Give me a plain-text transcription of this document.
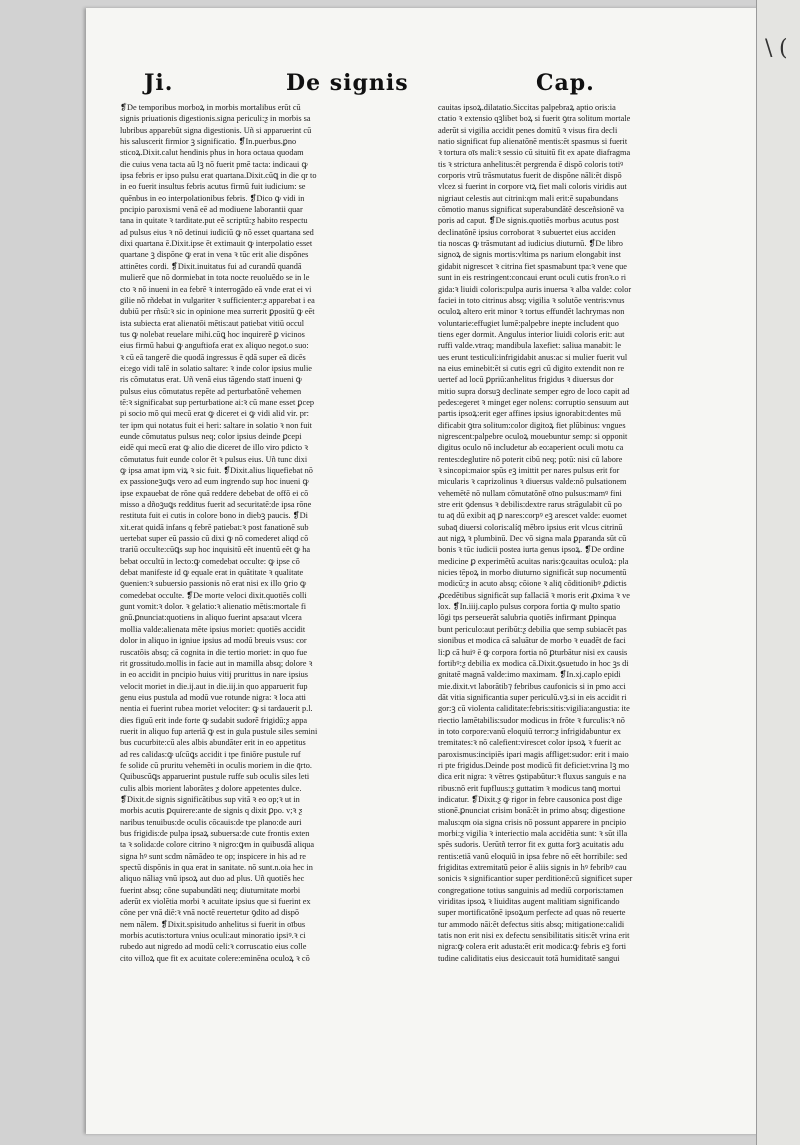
Ji.	De signis	Cap.
❡De temporibus morboꝝ in morbis mortalibus erūt cū
signis priuationis digestionis.signa periculi:ƺ in morbis sa
lubribus apparebūt signa digestionis. Uñ si apparuerint cū
his saluscerit firmior ꝫ significatio. ❡In.puerbus.ꝑno
sticoꝝ.Dixit.calut hendinis phus in hora octaua quodam
die cuius vena tacta aū lꝫ nō fuerit pmē tacta: indicaui ꝙ
ipsa febris er ipso pulsu erat quartana.Dixit.cūꝗ in die qr to
in eo fuerit insultus febris acutus firmū fuit iudicium: se
quēnbus in eo interpolationibus febris. ❡Dico ꝙ vidi in
pncipio paroxismi venā eē ad modiuene laborantii quar
tana in quitate ꝛ tarditate.put eē scriptū:ƺ habito respectu
ad pulsus eius ꝛ nō detinui iudiciū ꝙ nō esset quartana sed
dixi quartana ē.Dixit.ipse ēt extimauit ꝙ interpolatio esset
quartane ꝫ dispōne ꝙ erat in vena ꝛ tūc erit alie dispōnes
attinētes cordi. ❡Dixit.inuitatus fui ad curandū quandā
mulierē que nō dormiebat in tota nocte reuoluēdo se in le
cto ꝛ nō inueni in ea febrē ꝛ interrogādo eā vnde erat ei vi
gilie nō rñdebat in vulgariter ꝛ sufficienter:ƺ apparebat i ea
dubiū per rñsū:ꝛ sic in opinione mea surrerit ꝑpositū ꝙ eēt
ista subiecta erat alienatōi mētis:aut patiebat vitiū occul
tus ꝙ nolebat reuelare mihi.cūꝗ hoc inquirerē ꝑ vicinos
eius firmū habui ꝙ anguftiofa erat ex aliquo negot.o suo:
ꝛ cū eā tangerē die quodā ingressus ē qdā super eā dicēs
ei:ego vidi talē in solatio saltare: ꝛ inde color ipsius mulie
ris cōmutatus erat. Uñ venā eius tāgendo statī inueni ꝙ
pulsus eius cōmutatus repēte ad perturbatōnē vehemen
tē:ꝛ significabat sup perturbatione ai:ꝛ cū mane esset ꝑcep
pi socio mō qui mecū erat ꝙ diceret ei ꝙ vidi alid vir. pr:
ter ipm qui notatus fuit ei heri: saltare in solatio ꝛ non fuit
eunde cōmutatus pulsus neq; color ipsius deinde ꝑcepi
eidē qui mecū erat ꝙ alio die diceret de illo viro pdicto ꝛ
cōmutatus fuit eunde color ēt ꝛ pulsus eius. Uñ tunc dixi
ꝙ ipsa amat ipm viꝝ ꝛ sic fuit. ❡Dixit.alius liquefiebat nō
ex passioneꝫuꝗs vero ad eum ingrendo sup hoc inueni ꝙ
ipse expauebat de rōne quā reddere debebat de offō ei cō
misso a dñoꝫuꝗs redditus fuerit ad securitatē:de ipsa rōne
restituta fuit ei cutis in colore bono in diebꝫ paucis. ❡Di
xit.erat quidā infans q febrē patiebat:ꝛ post fanationē sub
uertebat super eū passio cū dixi ꝙ nō comederet aliqd cō
trariū occulte:cūꝗs sup hoc inquisitū eēt inuentū eēt ꝙ ha
bebat occultū in lecto:ꝙ comedebat occulte: ꝙ ipse cō
debat manifeste id ꝙ equale erat in quātitate ꝛ qualitate
ꝯuenien:ꝛ subuersio passionis nō erat nisi ex illo ꝯrio ꝙ
comedebat occulte. ❡De morte veloci dixit.quotiēs colli
gunt vomit:ꝛ dolor. ꝛ gelatio:ꝛ alienatio mētis:mortale fi
gnū.ꝑnunciat:quotiens in aliquo fuerint apsa:aut vlcera
mollia valde:alienata mēte ipsius moriet: quotiēs accidit
dolor in aliquo in igniue ipsius ad modū breuis vsus: cor
ruscatōis absq; cā cognita in die tertio moriet: in quo fue
rit grossitudo.mollis in facie aut in mamilla absq; dolore ꝛ
in eo accidit in pncipio huius vitij prurittus in nare ipsius
velocit moriet in die.ij.aut in die.iij.in quo apparuerit fup
genu eius pustula ad modū vue rotunde nigra: ꝛ loca atti
nentia ei fuerint rubea moriet velociter: ꝙ si tardauerit p.l.
dies figuū erit inde forte ꝙ sudabit sudorē frigidū:ƺ appa
ruerit in aliquo fup arteriā ꝙ est in gula pustule siles semini
bus cucurbite:cū ales albis abundāter erit in eo appetitus
ad res calidas:ꝙ uſcūꝗs accidit i tpe finiōre pustule ruf
fe solide cū pruritu vehemēti in oculis moriem in die q̄rto.
Quibuscūꝗs apparuerint pustule ruffe sub oculis siles leti
culis albis morient laborātes ƺ dolore appetentes dulce.
❡Dixit.de signis significātibus sup vitā ꝛ eo op;ꝛ ut in
morbis acutis ꝑquirere:ante de signis q dixit ꝑpo. v;ꝛ ƺ
naribus tenuibus:de oculis cōcauis:de tpe plano:de auri
bus frigidis:de pulpa ipsaꝝ subuersa:de cute frontis exten
ta ꝛ solida:de colore citrino ꝛ nigro:ꝙm in quibusdā aliqua
signa hꝰ sunt scdm nāmādeo te op; inspicere in his ad re
spectū dispōnis in qua erat in sanitate. nō sunt.n.oia hec in
aliquo nāliaƺ vnū ipsoꝝ aut duo ad plus. Uñ quotiēs hec
fuerint absq; cōne supabundāti neq; diuturnitate morbi
aderūt ex violētia morbi ꝛ acuitate ipsius que si fuerint ex
cōne per vnā diē:ꝛ vnā noctē reuertetur ꝯdito ad dispō
nem nālem. ❡Dixit.spisitudo anhelitus si fuerit in oībus
morbis acutis:tortura vnius oculi:aut minoratio ipsiꝰ.ꝛ ci
rubedo aut nigredo ad modū celi:ꝛ corruscatio eius colle
cito villoꝝ que fit ex acuitate colere:eminēna oculoꝝ ꝛ cō
cauitas ipsoꝝ.dilatatio.Siccitas palpebraꝝ aptio oris:ia
ctatio ꝛ extensio qꝫlibet boꝝ si fuerit ꝯtra solitum mortale
aderūt si vigilia accidit penes domitū ꝛ visus fira decli
natio significat fup alienatōnē mentis:ēt spasmus si fuerit
ꝛ tortura oīs mali:ꝛ sessio cū situitū fit ex apate diafragma
tis ꝛ strictura anhelitus:ēt pergrenda ē dispō coloris totiꝰ
corporis vtrū trāsmutatus fuerit de dispōne nāli:ēt dispō
vlcez si fuerint in corpore vtꝝ fiet mali coloris viridis aut
nigriaut celestis aut citrini:qm mali erit:ē supabundans
cōmotio manus significat superabundātē desceñsionē va
poris ad caput. ❡De signis.quotiēs morbus acutus post
declinatōnē ipsius corroborat ꝛ subuertet eius acciden
tia noscas ꝙ trāsmutant ad iudicius diuturnū. ❡De libro
signoꝝ de signis mortis:vltima ps narium elongabit inst
gidabit nigrescet ꝛ citrina fiet spasmabunt tpa:ꝛ vene que
sunt in eis restringent:concaui erunt oculi cutis fronꝛ.o ri
gida:ꝛ liuidi coloris:pulpa auris inuersa ꝛ alba valde: color
faciei in toto citrinus absq; vigilia ꝛ solutōe ventris:vnus
oculoꝝ altero erit minor ꝛ tortus effundēt lachrymas non
voluntarie:effugiet lumē:palpebre inepte includent quo
tiens eger dormit. Angulus interior liuidi coloris erit: aut
ruffi valde.vtraq; mandibula laxefiet: saliua manabit: le
ues erunt testiculi:infrigidabit anus:ac si mulier fuerit vul
na eius eminebit:ēt si cutis egri cū digito extendit non re
uertef ad locū ꝑpriū:anhelitus frigidus ꝛ diuersus dor
mitio supra dorsuꝫ declinate semper egro de loco capit ad
pedes:egeret ꝛ minget eger nolens: corruptio sensuum aut
partis ipsoꝝ:erit eger affines ipsius ignorabit:dentes mū
dificabit ꝯtra solitum:color digitoꝝ fiet plūbinus: vngues
nigrescent:palpebre oculoꝝ mouebuntur semp: si opponit
digitus oculo nō includetur ab eo:aperient oculi motu ca
rentes:deglutire nō poterit cibū neq; potū: nisi cū labore
ꝛ sincopi:maior spūs eꝫ imittit per nares pulsus erit for
micularis ꝛ caprizolinus ꝛ diuersus valde:nō pulsationem
vehemētē nō nullam cōmutatōnē oīno pulsus:mamꝰ fini
stre erit ꝯdensus ꝛ debilis:dextre rarus strāgulabit cū po
tu aq̄ dū exibit aq̄ ꝑ nares:corpꝰ eꝫ arescet valde: euomet
subaq̄ diuersi coloris:alíq̄ mēbro ipsius erit vlcus citrinū
aut nigꝝ ꝛ plumbinū. Dec vō signa mala ꝑparanda sūt cū
bonis ꝛ tūc iudicii postea iurta genus ipsoꝝ. ❡De ordine
medicine ꝑ experimētū acuitas naris:ꝯcauitas oculoꝝ: pla
nicies tēpoꝝ in morbo diuturno significāt sup nocumentū
modicū:ƺ in acuto absq; cōione ꝛ aliq̄ cōditionibꝰ ꝓdictis
ꝓcedētibus significāt sup fallaciā ꝛ moris erit ꝓxima ꝛ ve
lox. ❡In.iiij.caplo pulsus corpora fortia ꝙ multo spatio
lōgi tps perseuerāt salubria quotiēs infirmant ꝑpinqua
bunt periculo:aut peribūt:ƺ debilia que semp subiacēt pas
sionibus et modica cā saluātur de morbo ꝛ euadēt de faci
li:ꝑ cā huiꝰ ē ꝙ corpora fortia nō ꝑturbātur nisi ex causis
fortibꝰ:ƺ debilia ex modica cā.Dixit.ꝯsuetudo in hoc ꝫs di
gnitatē magnā valde:imo maximam. ❡In.xj.caplo epidi
mie.dixit.vt laborātib⁊ febribus caufonicis si in pmo acci
dāt vitia significantia super periculū.vꝫ.si in eis accidit ri
gor:ꝫ cū violenta caliditate:febris:sitis:vigilia:angustia: ite
riectio lamētabilis:sudor modicus in frōte ꝛ furculis:ꝛ nō
in toto corpore:vanū eloquiū terror:ƺ infrigidabuntur ex
tremitates:ꝛ nō calefient:virescet color ipsoꝝ ꝛ fuerit ac
paroxismus:incipiēs ipari magis affliget:sudor: erit i maio
ri pte frigidus.Deinde post modicū fit deficiet:vrina lꝫ mo
dica erit nigra: ꝛ vētres ꝯstipabūtur:ꝛ fluxus sanguis e na
ribus:nō erit fupfluus:ƺ guttatim ꝛ modicus tanq̄ mortui
indicatur. ❡Dixit.ƺ ꝙ rigor in febre causonica post dige
stionē.ꝑnunciat crisim bonā:ēt in primo absq; digestione
malus:qm oia signa crisis nō possunt apparere in pncipio
morbi:ƺ vigilia ꝛ interiectio mala accidētia sunt: ꝛ sūt illa
spēs sudoris. Uerūtñ terror fit ex gutta forꝫ acuitatis adu
rentis:etiā vanū eloquiū in ipsa febre nō eēt horribile: sed
frigiditas extremitatū peior ē aliis signis in hꝰ febribꝰ cau
sonicis ꝛ significantior super perditionē:cū significet super
congregatione totius sanguinis ad mediū corporis:tamen
viriditas ipsoꝝ ꝛ liuiditas augent malitiam significando
super mortificatōnē ipsoꝝum perfecte ad quas nō reuerte
tur ammodo nāi:ēt defectus sitis absq; mitigatione:calidi
tatis non erit nisi ex defectu sensibilitatis sitis:ēt vrina erit
nigra:ꝙ colera erit adusta:ēt erit modica:ꝙ febris eꝫ forti
tudine caliditatis eius desiccauit totā humiditatē sangui
\ (
